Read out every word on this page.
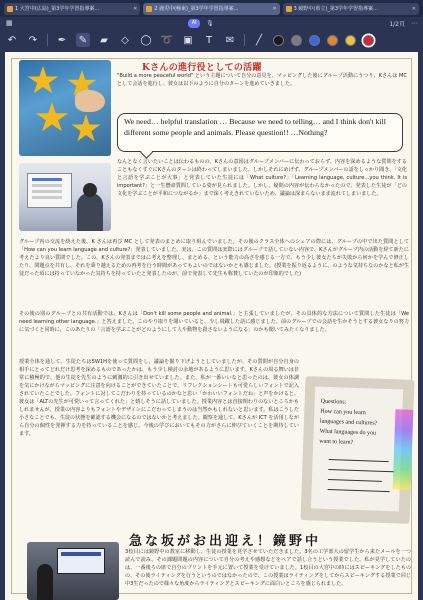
1 大宮中(広島)_第3学年学習指導案...	✕	2 鹿児中(極東)_第3学年学習指導案...	✕	3 鏡野中(県立)_第3学年学習指導案...	✕
▦	AI	🎙	1/2頁 ⋯
↶ ↷ ✒ ✎	▰	◇	◯ ➰ ▣	T	✉	╱
Kさんの進行役としての活躍
"Build a more peaceful world" という主題について自分の意見を、マッピングした後にグループ活動にうつり、Kさんは MC として会話を進行し、彼女は以下のように自分のターンを進めていきました。
We need… helpful translation … Because we need to telling… and I think don't kill different some people and animals. Please question!! …Nothing?
なんとなく言いたいことは伝わるものの、Kさんの意図はグループメンバーに伝わっておらず、内容を深めるような質問をすることもなくすぐにKさんのターンは終わってしまいました。しかしそれにめげず、グループメンバーの話をしっかり聞き、「文化と言語を学ぶことが大事」と発表していた生徒には「What culture?」「Learning language, culture…you think. It is important?」と一生懸命質問している姿が見られました。しかし、疑問の内容が伝わらなかったので、発表した生徒が「どの文化を学ぶことが平和につながるか」まで深く考えきれていないため、議論は深まらないまま流れてしまいました。
グループ内の交流を終えた後、K さんは再び MC として発表のまとめに取り組んでいました。その後のクラス全体へのシェアの際には、グループの中で出た質問として「How can you learn language and culture?」発表していました。実は、この質問は実際にはグループで話していない内容で、Kさんがグループ内の活動を経て新たに考えたより良い質問でした。この、Kさんの発表まではに考えを整理し、まとめる、という能力の高さを感じる一方で、もう少し彼女たちが失敗から何かを学んで修正したり、問題点を共有し、それを乗り越えるための再考を行う時間があってもよいのではないかとも感じました。(授業を振り返るように、のような気持ちなのかなと私が生徒だった頃には持っていなかった気持ちを持っていたと発表したのが、前で発表して先生も称賛していたのが印象的でした)
その後の別のグループとの共有活動では、Kさんは「Don't kill some people and animal.」と主張していましたが、その具体的な方法について質問した生徒は「We need learning other language.」と答えました。このやり取りを聞いていると、少し飛躍した話に感じました。前のグループでの会話を生かそうとする彼女なりの努力に気づくと同時に、このあたりの「言語を学ぶことがどのようにして人や動物を殺さないようになる」のかも聞いてみたくなりました。
授業全体を通して、生徒たちは5W1Hを使って質問をし、議論を掘り下げようとしていましたが、その質問が自分自身の相手にとってどれだけ思考を深めるものであったかは、もう少し検討の余地があるように思います。Kさんの周る舞いは非常に積極的で、他の生徒を先生のように刺激的に引き出せていました。また、私が一番いいなと思ったのは、彼女の体調を気にかけながらマッピングに注意を向けることができていたことで、リフレクションシートも可愛らしいフォントで記入されていたことでした。フォントに対してこだわりを持っているのかなと思い「かわいいフォントだね」と声をかけると、彼女は「ALTの先生が可愛いって言ってくれた」と嬉しそうに話していました。授業内容とは直接関わりのないところかもしれませんが、授業の内容よりもフォントやデザインにこだわってしまうのは当然かもしれないと思います。私はこうした小さなことでも、生徒の状態を確認する機会になるのではないかと考えました。観察を通して、Kさんが ICT を活用しながら自分の個性を発揮する力を持っていることを感じ、今後の学びにおいてもその力がさらに伸びていくことを期待しています。
Questions:
How can you learn
languages and cultures?
What languages do you
want to learn?
急な坂がお出迎え！鏡野中
3校目には鏡野中の教室に移動し、生徒の授業を見学させていただきました。3名の工学部大の留学生から来たメールを一つ読んで読み、その課題問題の内容について自分の考えや感想などをペアで話し合うという授業でした。私が見学していたのは、一番後ろの席で自分のプリントを手元に置いて授業を受けていました。1校目の大宮中の時にはスピーキングをしたものの、その後ライティングを行うというのではなかったので、この授業はライティングをしてからスピーキングする授業で同じ中3生だったので様々な角度からライティングとスピーキングに面白いところを感じられました。
